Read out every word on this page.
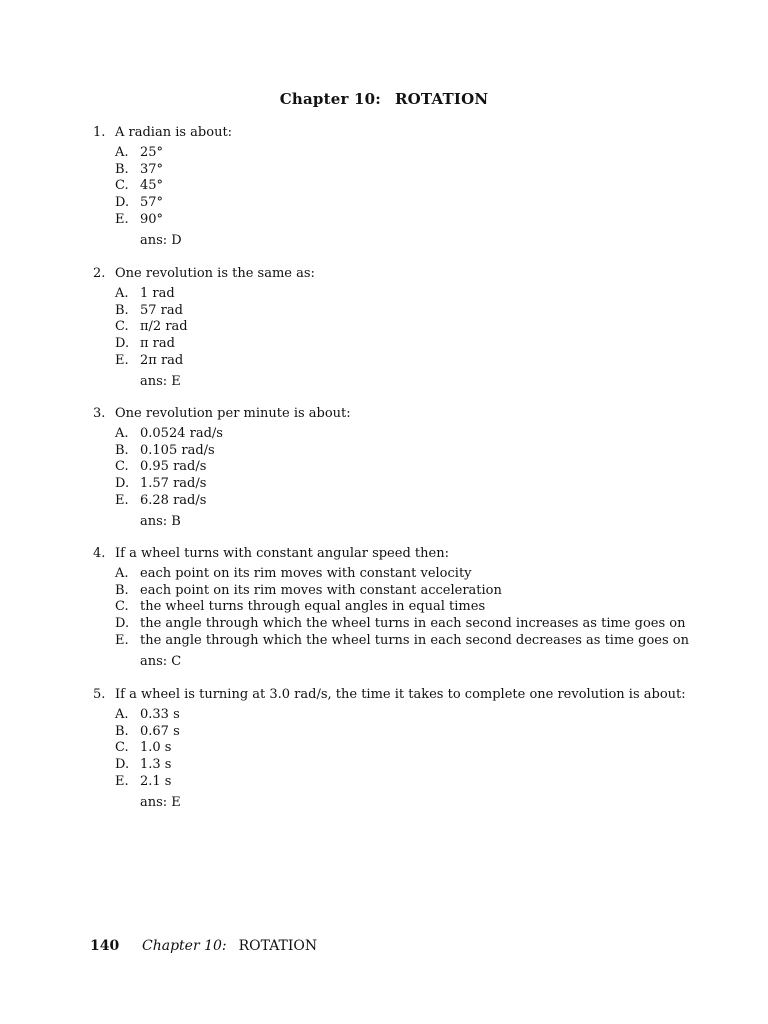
Chapter 10: ROTATION
1. A radian is about:
A. 25°
B. 37°
C. 45°
D. 57°
E. 90°
ans: D
2. One revolution is the same as:
A. 1 rad
B. 57 rad
C. π/2 rad
D. π rad
E. 2π rad
ans: E
3. One revolution per minute is about:
A. 0.0524 rad/s
B. 0.105 rad/s
C. 0.95 rad/s
D. 1.57 rad/s
E. 6.28 rad/s
ans: B
4. If a wheel turns with constant angular speed then:
A. each point on its rim moves with constant velocity
B. each point on its rim moves with constant acceleration
C. the wheel turns through equal angles in equal times
D. the angle through which the wheel turns in each second increases as time goes on
E. the angle through which the wheel turns in each second decreases as time goes on
ans: C
5. If a wheel is turning at 3.0 rad/s, the time it takes to complete one revolution is about:
A. 0.33 s
B. 0.67 s
C. 1.0 s
D. 1.3 s
E. 2.1 s
ans: E
140 Chapter 10: ROTATION
